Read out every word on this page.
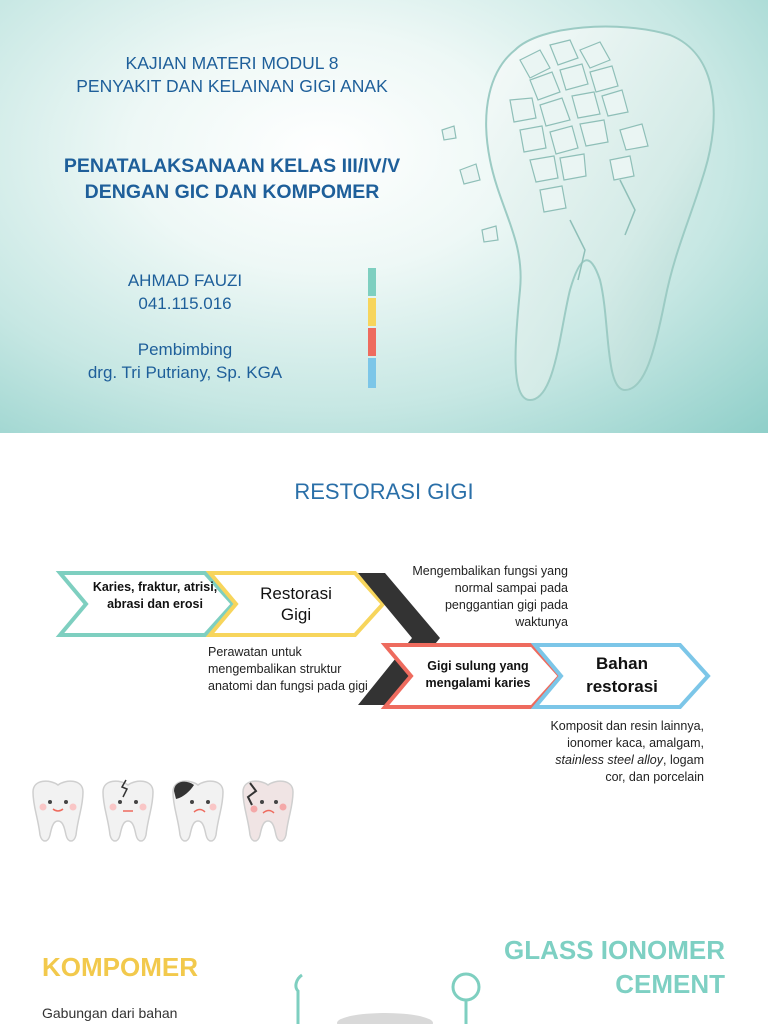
KAJIAN MATERI MODUL 8
PENYAKIT DAN KELAINAN GIGI ANAK
PENATALAKSANAAN KELAS III/IV/V
DENGAN GIC DAN KOMPOMER
AHMAD FAUZI
041.115.016
Pembimbing
drg. Tri Putriany, Sp. KGA
RESTORASI GIGI
Karies, fraktur, atrisi, abrasi dan erosi
Restorasi
Gigi
Gigi sulung yang mengalami karies
Bahan
restorasi
Mengembalikan fungsi yang normal sampai pada penggantian gigi pada waktunya
Perawatan untuk mengembalikan struktur anatomi dan fungsi pada gigi
Komposit dan resin lainnya, ionomer kaca, amalgam, stainless steel alloy, logam cor, dan porcelain
KOMPOMER
GLASS IONOMER
CEMENT
Gabungan dari bahan
